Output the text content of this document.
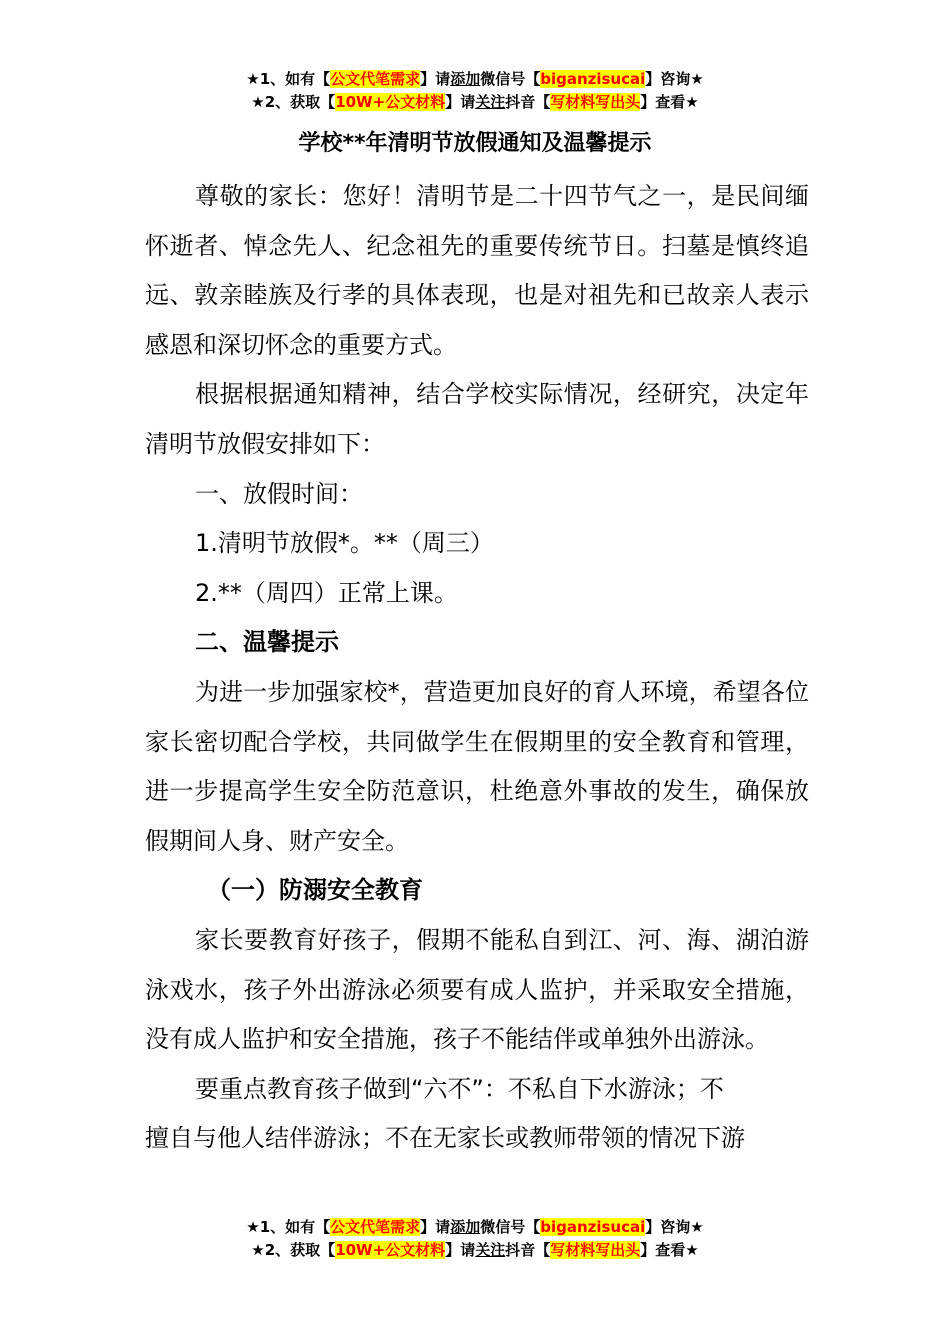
★1、如有【公文代笔需求】请添加微信号【biganzisucai】咨询★
★2、获取【10W+公文材料】请关注抖音【写材料写出头】查看★
学校**年清明节放假通知及温馨提示

尊敬的家长：您好！清明节是二十四节气之一，是民间缅怀逝者、悼念先人、纪念祖先的重要传统节日。扫墓是慎终追远、敦亲睦族及行孝的具体表现，也是对祖先和已故亲人表示感恩和深切怀念的重要方式。

根据根据通知精神，结合学校实际情况，经研究，决定年清明节放假安排如下：

一、放假时间：

1.清明节放假*。**（周三）

2.**（周四）正常上课。

二、温馨提示

为进一步加强家校*，营造更加良好的育人环境，希望各位家长密切配合学校，共同做学生在假期里的安全教育和管理，进一步提高学生安全防范意识，杜绝意外事故的发生，确保放假期间人身、财产安全。

（一）防溺安全教育

家长要教育好孩子，假期不能私自到江、河、海、湖泊游泳戏水，孩子外出游泳必须要有成人监护，并采取安全措施，没有成人监护和安全措施，孩子不能结伴或单独外出游泳。

要重点教育孩子做到“六不”：不私自下水游泳；不

擅自与他人结伴游泳；不在无家长或教师带领的情况下游

★1、如有【公文代笔需求】请添加微信号【biganzisucai】咨询★
★2、获取【10W+公文材料】请关注抖音【写材料写出头】查看★
